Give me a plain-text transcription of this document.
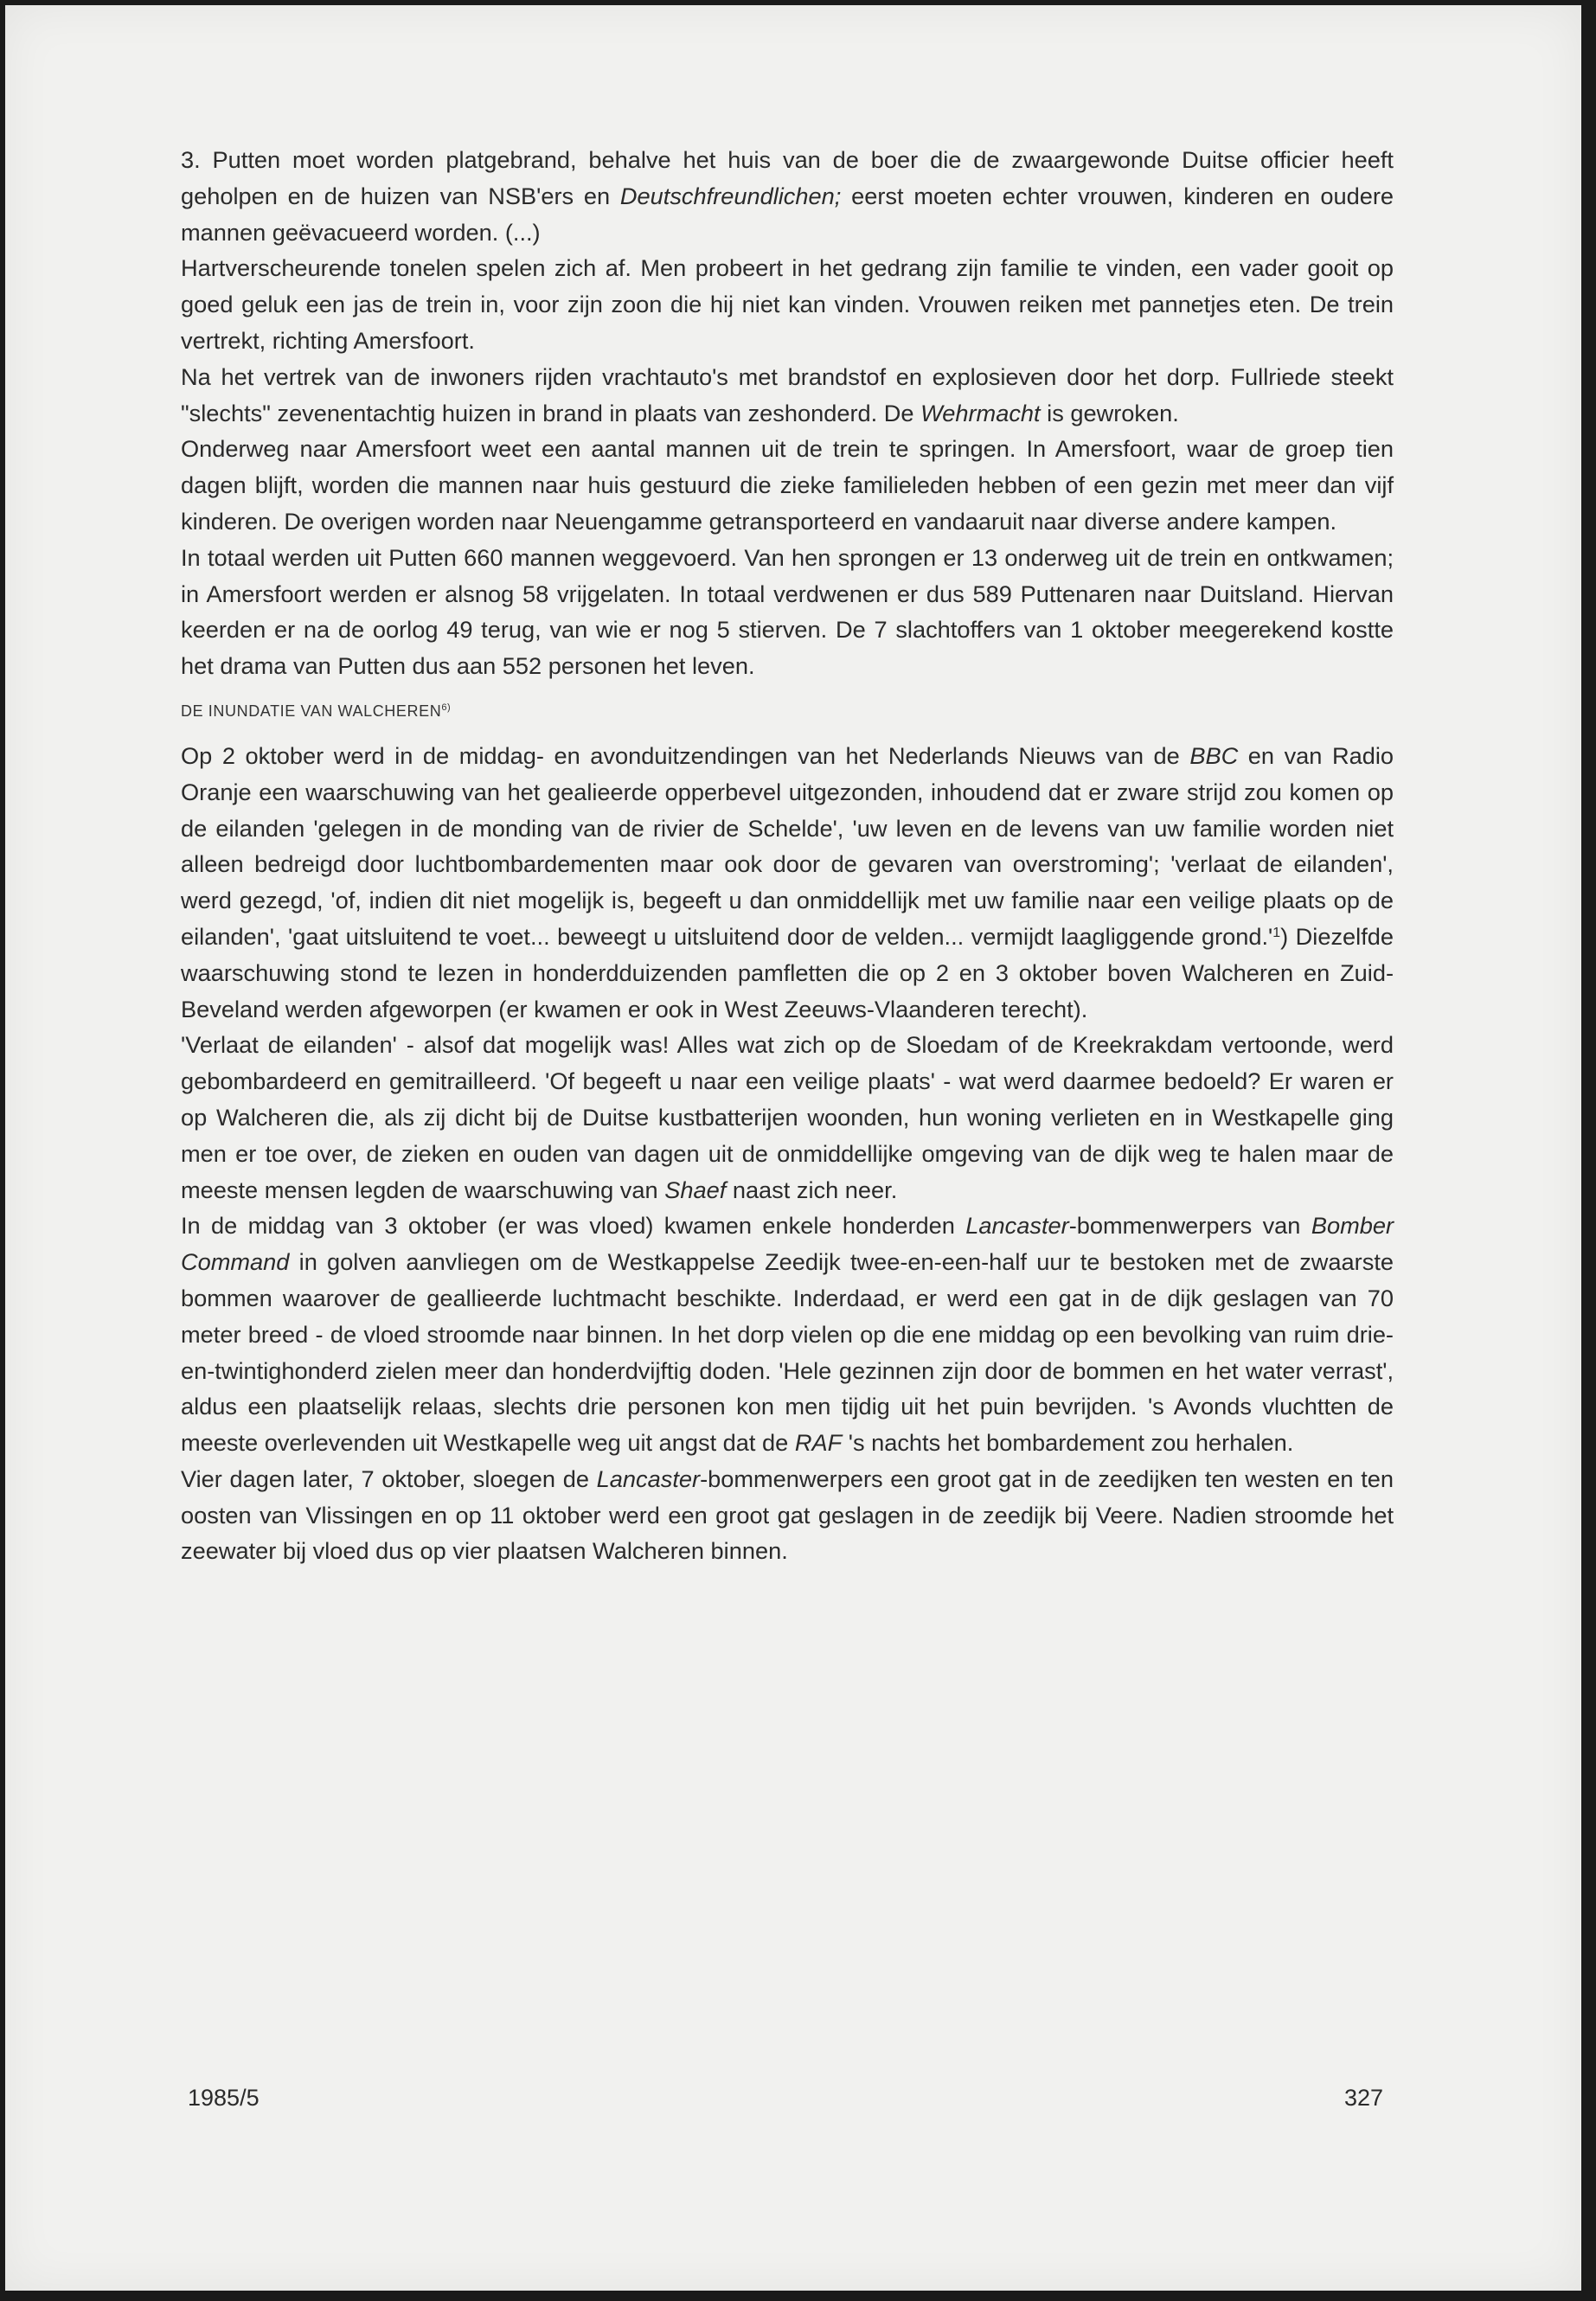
3. Putten moet worden platgebrand, behalve het huis van de boer die de zwaargewonde Duitse officier heeft geholpen en de huizen van NSB'ers en Deutschfreundlichen; eerst moeten echter vrouwen, kinderen en oudere mannen geëvacueerd worden. (...)

Hartverscheurende tonelen spelen zich af. Men probeert in het gedrang zijn familie te vinden, een vader gooit op goed geluk een jas de trein in, voor zijn zoon die hij niet kan vinden. Vrouwen reiken met pannetjes eten. De trein vertrekt, richting Amersfoort.

Na het vertrek van de inwoners rijden vrachtauto's met brandstof en explosieven door het dorp. Fullriede steekt "slechts" zevenentachtig huizen in brand in plaats van zeshonderd. De Wehrmacht is gewroken.

Onderweg naar Amersfoort weet een aantal mannen uit de trein te springen. In Amersfoort, waar de groep tien dagen blijft, worden die mannen naar huis gestuurd die zieke familieleden hebben of een gezin met meer dan vijf kinderen. De overigen worden naar Neuengamme getransporteerd en vandaaruit naar diverse andere kampen.

In totaal werden uit Putten 660 mannen weggevoerd. Van hen sprongen er 13 onderweg uit de trein en ontkwamen; in Amersfoort werden er alsnog 58 vrijgelaten. In totaal verdwenen er dus 589 Puttenaren naar Duitsland. Hiervan keerden er na de oorlog 49 terug, van wie er nog 5 stierven. De 7 slachtoffers van 1 oktober meegerekend kostte het drama van Putten dus aan 552 personen het leven.

DE INUNDATIE VAN WALCHEREN$^{6)}$

Op 2 oktober werd in de middag- en avonduitzendingen van het Nederlands Nieuws van de BBC en van Radio Oranje een waarschuwing van het gealieerde opperbevel uitgezonden, inhoudend dat er zware strijd zou komen op de eilanden 'gelegen in de monding van de rivier de Schelde', 'uw leven en de levens van uw familie worden niet alleen bedreigd door luchtbombardementen maar ook door de gevaren van overstroming'; 'verlaat de eilanden', werd gezegd, 'of, indien dit niet mogelijk is, begeeft u dan onmiddellijk met uw familie naar een veilige plaats op de eilanden', 'gaat uitsluitend te voet... beweegt u uitsluitend door de velden... vermijdt laagliggende grond.'$^1$) Diezelfde waarschuwing stond te lezen in honderdduizenden pamfletten die op 2 en 3 oktober boven Walcheren en Zuid-Beveland werden afgeworpen (er kwamen er ook in West Zeeuws-Vlaanderen terecht).

'Verlaat de eilanden' - alsof dat mogelijk was! Alles wat zich op de Sloedam of de Kreekrakdam vertoonde, werd gebombardeerd en gemitrailleerd. 'Of begeeft u naar een veilige plaats' - wat werd daarmee bedoeld? Er waren er op Walcheren die, als zij dicht bij de Duitse kustbatterijen woonden, hun woning verlieten en in Westkapelle ging men er toe over, de zieken en ouden van dagen uit de onmiddellijke omgeving van de dijk weg te halen maar de meeste mensen legden de waarschuwing van Shaef naast zich neer.

In de middag van 3 oktober (er was vloed) kwamen enkele honderden Lancaster-bommenwerpers van Bomber Command in golven aanvliegen om de Westkappelse Zeedijk twee-en-een-half uur te bestoken met de zwaarste bommen waarover de geallieerde luchtmacht beschikte. Inderdaad, er werd een gat in de dijk geslagen van 70 meter breed - de vloed stroomde naar binnen. In het dorp vielen op die ene middag op een bevolking van ruim drie-en-twintighonderd zielen meer dan honderdvijftig doden. 'Hele gezinnen zijn door de bommen en het water verrast', aldus een plaatselijk relaas, slechts drie personen kon men tijdig uit het puin bevrijden. 's Avonds vluchtten de meeste overlevenden uit Westkapelle weg uit angst dat de RAF 's nachts het bombardement zou herhalen.

Vier dagen later, 7 oktober, sloegen de Lancaster-bommenwerpers een groot gat in de zeedijken ten westen en ten oosten van Vlissingen en op 11 oktober werd een groot gat geslagen in de zeedijk bij Veere. Nadien stroomde het zeewater bij vloed dus op vier plaatsen Walcheren binnen.

1985/5	327
